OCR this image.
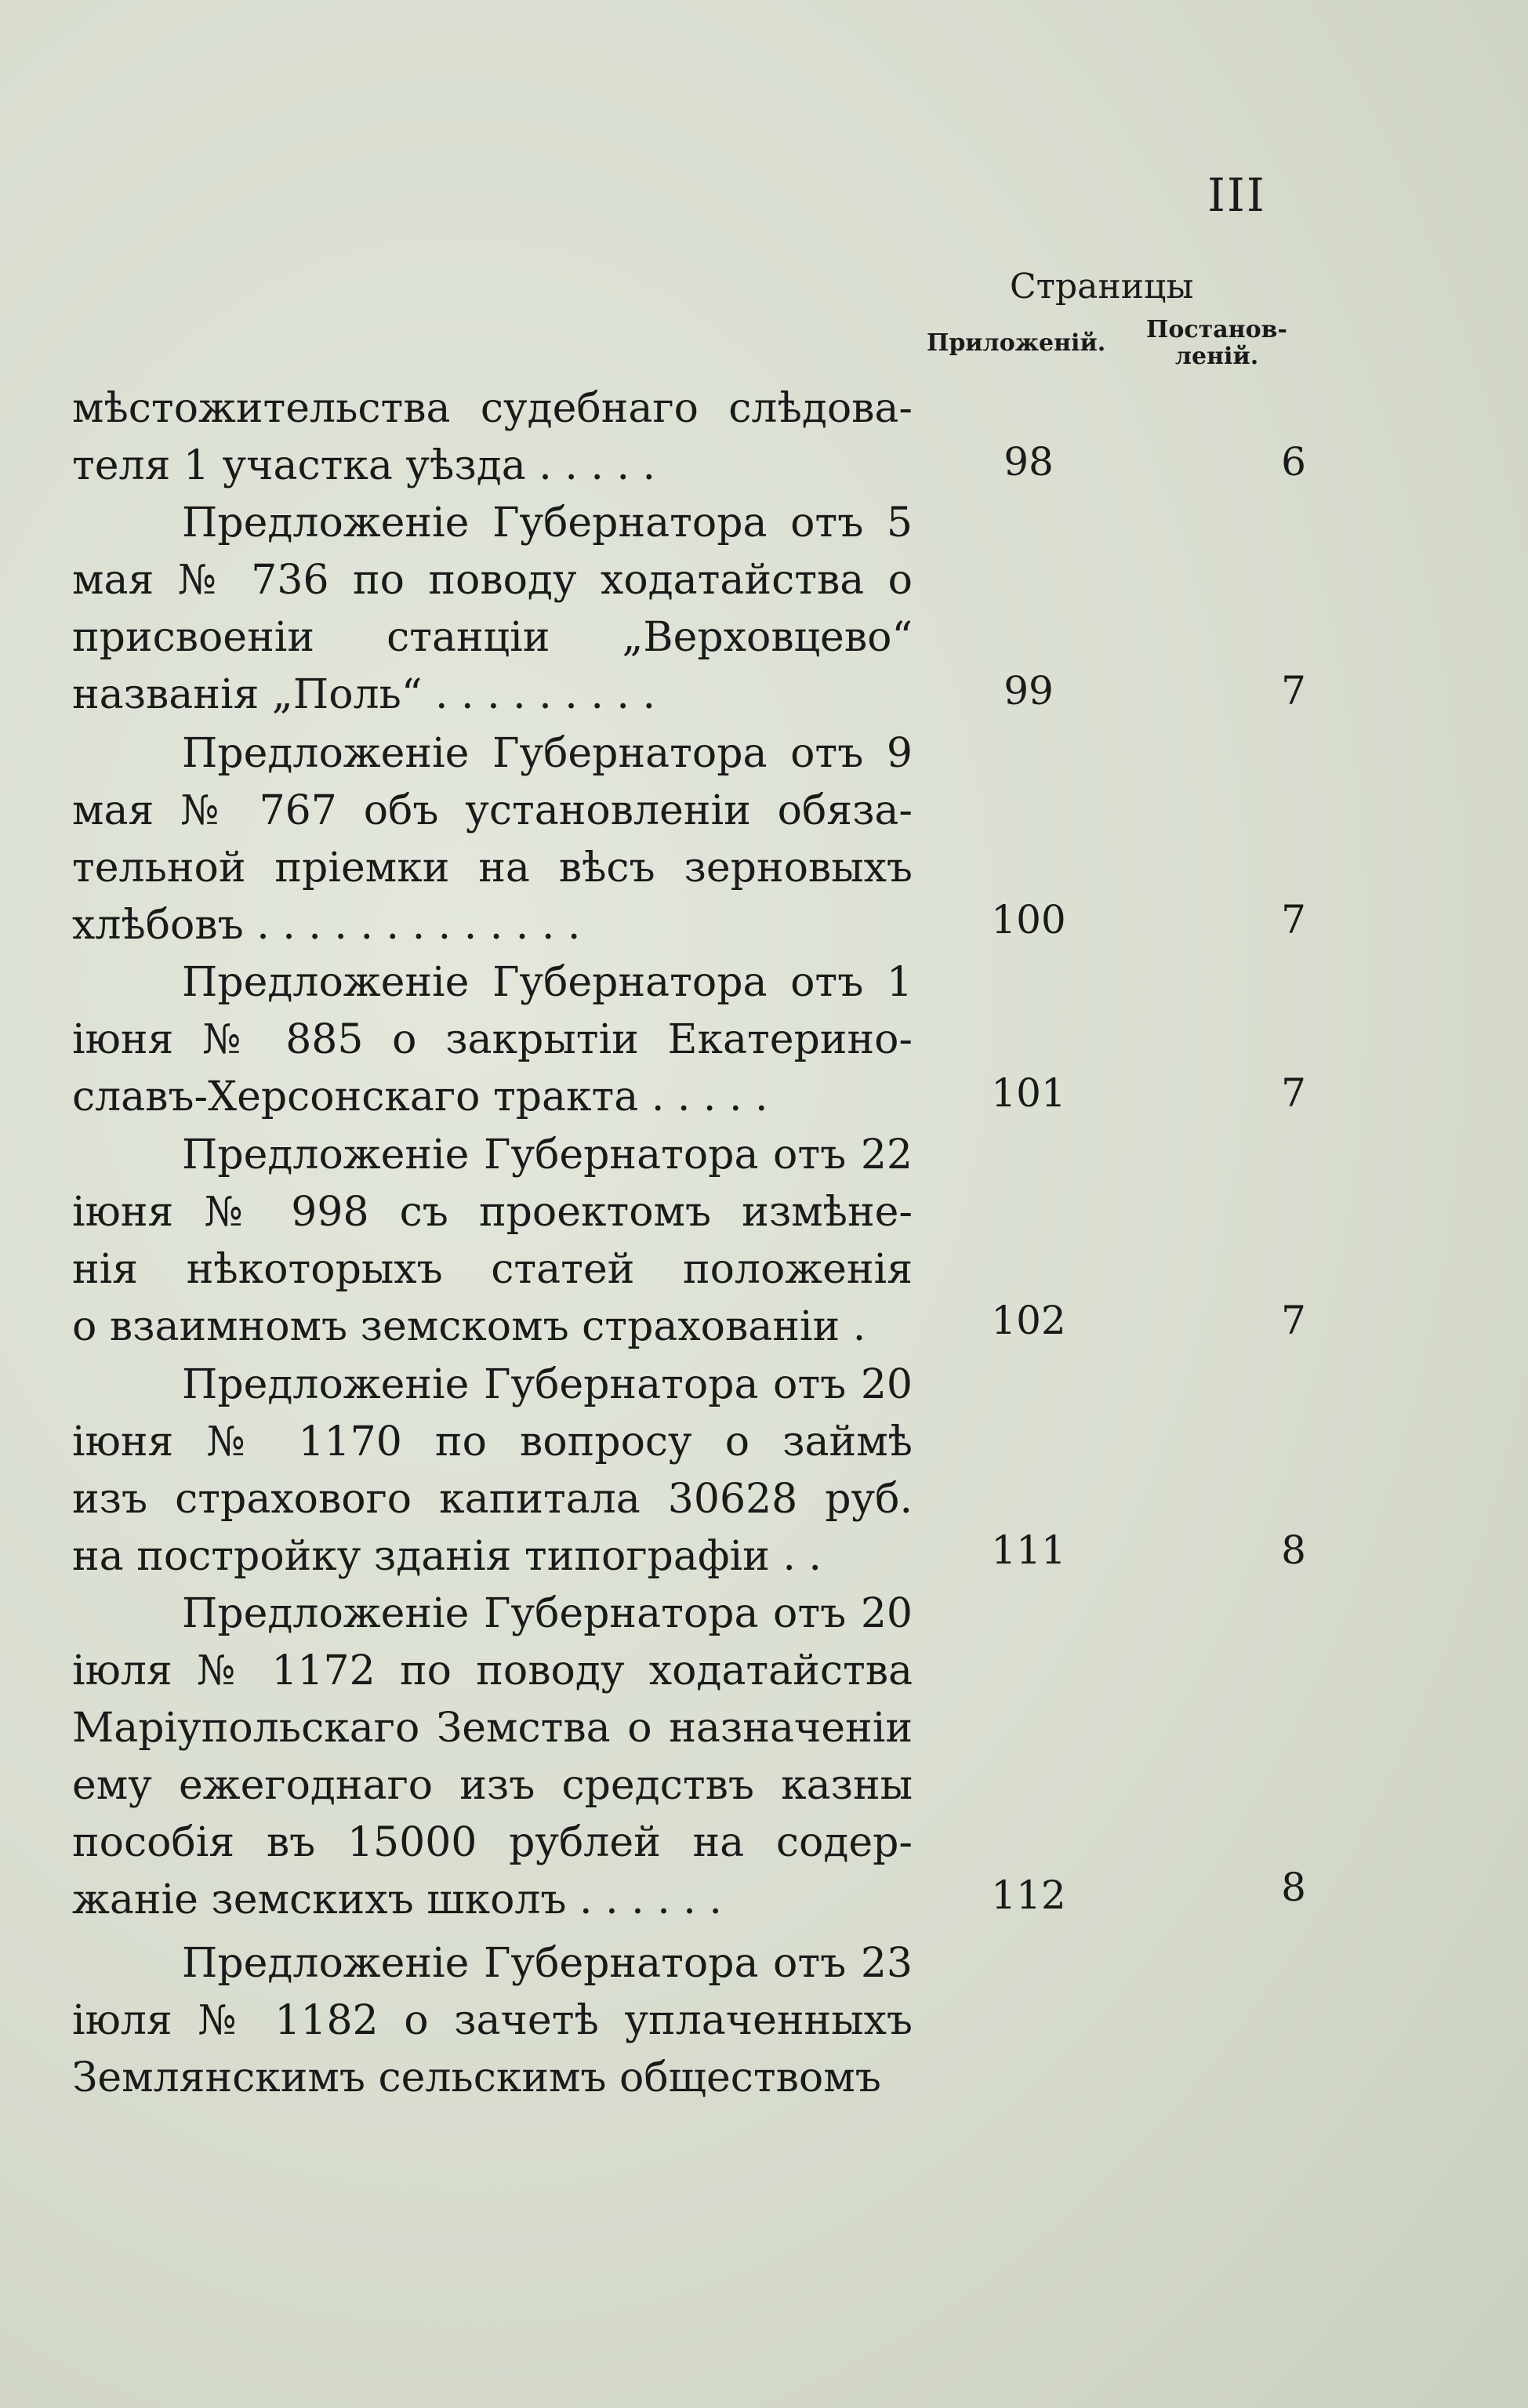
III
Страницы
Приложеній.	Постанов-
леній.
мѣстожительства судебнаго слѣдова-
теля 1 участка уѣзда . . . . .	98	6
Предложеніе Губернатора отъ 5
мая № 736 по поводу ходатайства о
присвоеніи станціи „Верховцево“
названія „Поль“ . . . . . . . . .	99	7
Предложеніе Губернатора отъ 9
мая № 767 объ установленіи обяза-
тельной пріемки на вѣсъ зерновыхъ
хлѣбовъ . . . . . . . . . . . . .	100	7
Предложеніе Губернатора отъ 1
іюня № 885 о закрытіи Екатерино-
славъ-Херсонскаго тракта . . . . .	101	7
Предложеніе Губернатора отъ 22
іюня № 998 съ проектомъ измѣне-
нія нѣкоторыхъ статей положенія
о взаимномъ земскомъ страхованіи .	102	7
Предложеніе Губернатора отъ 20
іюня № 1170 по вопросу о займѣ
изъ страхового капитала 30628 руб.
на постройку зданія типографіи . .	111	8
Предложеніе Губернатора отъ 20
іюля № 1172 по поводу ходатайства
Маріупольскаго Земства о назначеніи
ему ежегоднаго изъ средствъ казны
пособія въ 15000 рублей на содер-
жаніе земскихъ школъ . . . . . .	112	8
Предложеніе Губернатора отъ 23
іюля № 1182 о зачетѣ уплаченныхъ
Землянскимъ сельскимъ обществомъ
